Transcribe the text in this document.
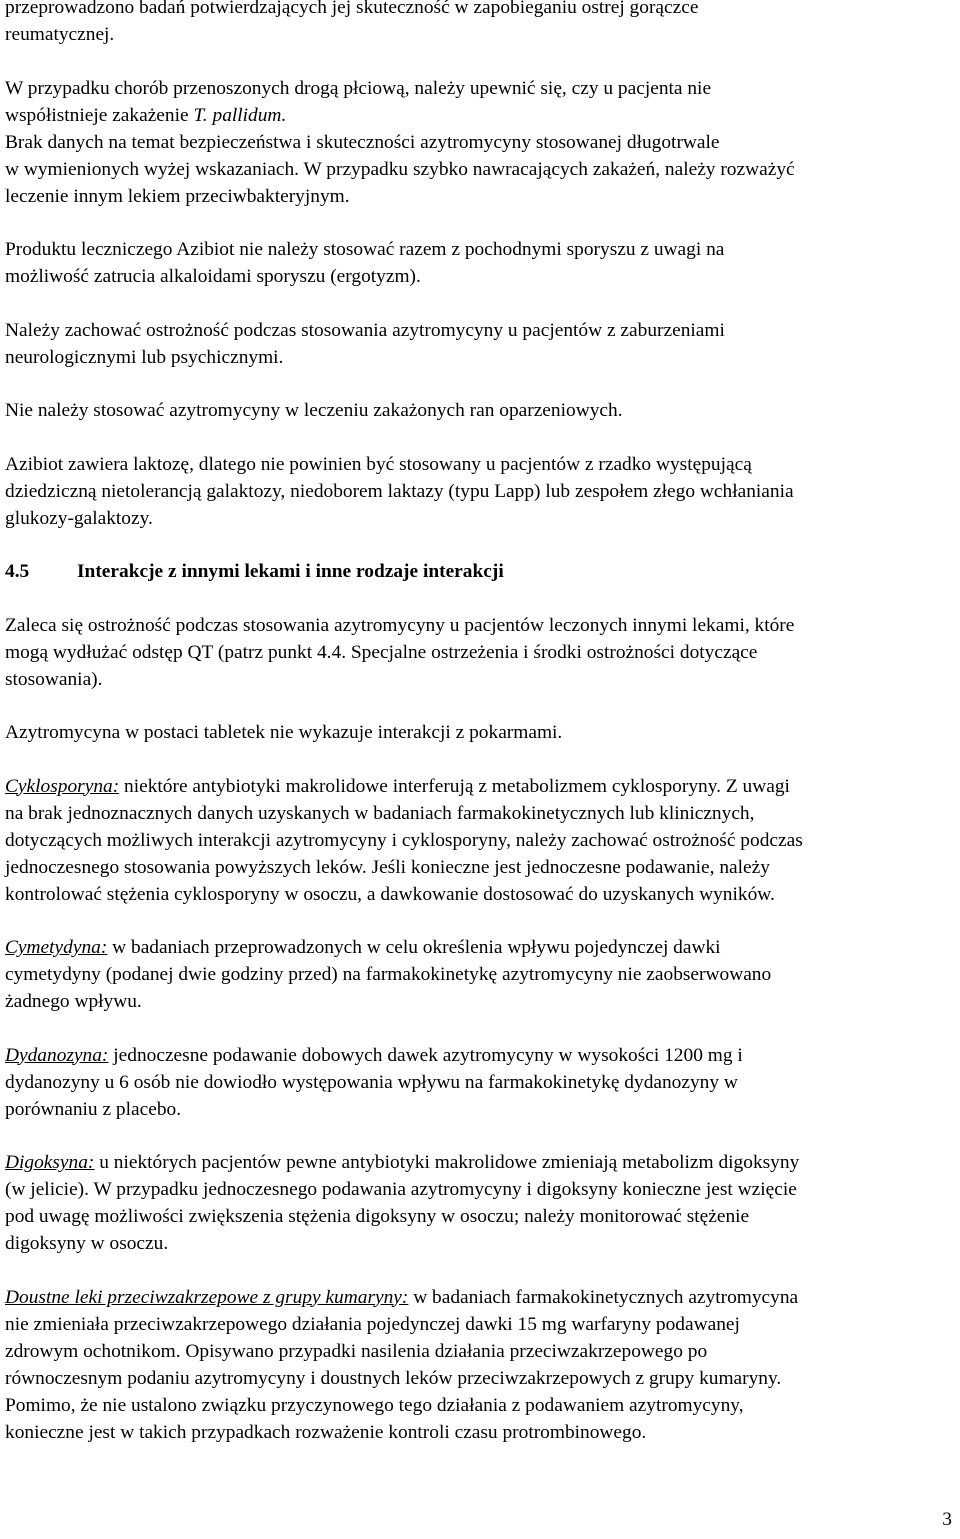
przeprowadzono badań potwierdzających jej skuteczność w zapobieganiu ostrej gorączce
reumatycznej.
W przypadku chorób przenoszonych drogą płciową, należy upewnić się, czy u pacjenta nie
współistnieje zakażenie T. pallidum.
Brak danych na temat bezpieczeństwa i skuteczności azytromycyny stosowanej długotrwale
w wymienionych wyżej wskazaniach. W przypadku szybko nawracających zakażeń, należy rozważyć
leczenie innym lekiem przeciwbakteryjnym.
Produktu leczniczego Azibiot nie należy stosować razem z pochodnymi sporyszu z uwagi na
możliwość zatrucia alkaloidami sporyszu (ergotyzm).
Należy zachować ostrożność podczas stosowania azytromycyny u pacjentów z zaburzeniami
neurologicznymi lub psychicznymi.
Nie należy stosować azytromycyny w leczeniu zakażonych ran oparzeniowych.
Azibiot zawiera laktozę, dlatego nie powinien być stosowany u pacjentów z rzadko występującą
dziedziczną nietolerancją galaktozy, niedoborem laktazy (typu Lapp) lub zespołem złego wchłaniania
glukozy-galaktozy.
4.5	Interakcje z innymi lekami i inne rodzaje interakcji
Zaleca się ostrożność podczas stosowania azytromycyny u pacjentów leczonych innymi lekami, które
mogą wydłużać odstęp QT (patrz punkt 4.4. Specjalne ostrzeżenia i środki ostrożności dotyczące
stosowania).
Azytromycyna w postaci tabletek nie wykazuje interakcji z pokarmami.
Cyklosporyna: niektóre antybiotyki makrolidowe interferują z metabolizmem cyklosporyny. Z uwagi
na brak jednoznacznych danych uzyskanych w badaniach farmakokinetycznych lub klinicznych,
dotyczących możliwych interakcji azytromycyny i cyklosporyny, należy zachować ostrożność podczas
jednoczesnego stosowania powyższych leków. Jeśli konieczne jest jednoczesne podawanie, należy
kontrolować stężenia cyklosporyny w osoczu, a dawkowanie dostosować do uzyskanych wyników.
Cymetydyna: w badaniach przeprowadzonych w celu określenia wpływu pojedynczej dawki
cymetydyny (podanej dwie godziny przed) na farmakokinetykę azytromycyny nie zaobserwowano
żadnego wpływu.
Dydanozyna: jednoczesne podawanie dobowych dawek azytromycyny w wysokości 1200 mg i
dydanozyny u 6 osób nie dowiodło występowania wpływu na farmakokinetykę dydanozyny w
porównaniu z placebo.
Digoksyna: u niektórych pacjentów pewne antybiotyki makrolidowe zmieniają metabolizm digoksyny
(w jelicie). W przypadku jednoczesnego podawania azytromycyny i digoksyny konieczne jest wzięcie
pod uwagę możliwości zwiększenia stężenia digoksyny w osoczu; należy monitorować stężenie
digoksyny w osoczu.
Doustne leki przeciwzakrzepowe z grupy kumaryny: w badaniach farmakokinetycznych azytromycyna
nie zmieniała przeciwzakrzepowego działania pojedynczej dawki 15 mg warfaryny podawanej
zdrowym ochotnikom. Opisywano przypadki nasilenia działania przeciwzakrzepowego po
równoczesnym podaniu azytromycyny i doustnych leków przeciwzakrzepowych z grupy kumaryny.
Pomimo, że nie ustalono związku przyczynowego tego działania z podawaniem azytromycyny,
konieczne jest w takich przypadkach rozważenie kontroli czasu protrombinowego.
3
